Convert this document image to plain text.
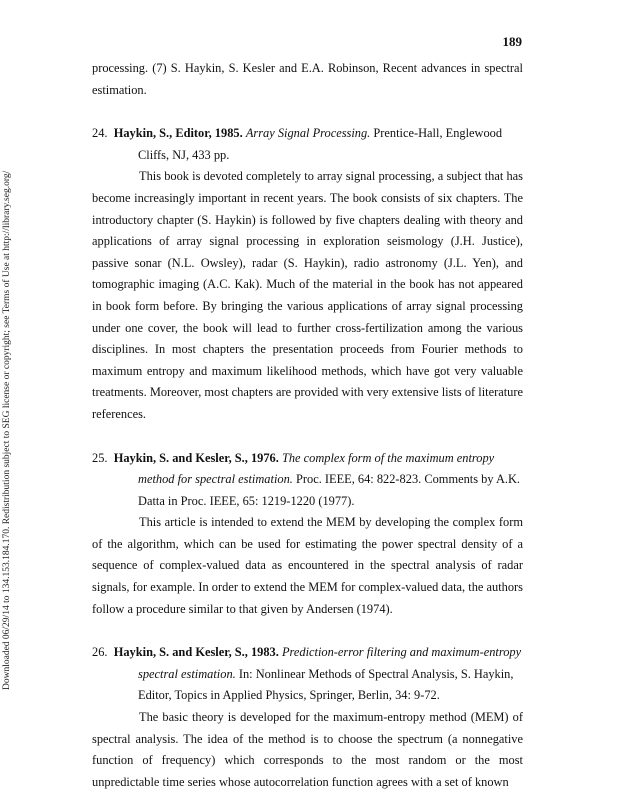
Downloaded 06/29/14 to 134.153.184.170. Redistribution subject to SEG license or copyright; see Terms of Use at http://library.seg.org/
189

processing. (7) S. Haykin, S. Kesler and E.A. Robinson, Recent advances in spectral estimation.

24. Haykin, S., Editor, 1985. Array Signal Processing. Prentice-Hall, Englewood Cliffs, NJ, 433 pp.

This book is devoted completely to array signal processing, a subject that has become increasingly important in recent years. The book consists of six chapters. The introductory chapter (S. Haykin) is followed by five chapters dealing with theory and applications of array signal processing in exploration seismology (J.H. Justice), passive sonar (N.L. Owsley), radar (S. Haykin), radio astronomy (J.L. Yen), and tomographic imaging (A.C. Kak). Much of the material in the book has not appeared in book form before. By bringing the various applications of array signal processing under one cover, the book will lead to further cross-fertilization among the various disciplines. In most chapters the presentation proceeds from Fourier methods to maximum entropy and maximum likelihood methods, which have got very valuable treatments. Moreover, most chapters are provided with very extensive lists of literature references.

25. Haykin, S. and Kesler, S., 1976. The complex form of the maximum entropy method for spectral estimation. Proc. IEEE, 64: 822-823. Comments by A.K. Datta in Proc. IEEE, 65: 1219-1220 (1977).

This article is intended to extend the MEM by developing the complex form of the algorithm, which can be used for estimating the power spectral density of a sequence of complex-valued data as encountered in the spectral analysis of radar signals, for example. In order to extend the MEM for complex-valued data, the authors follow a procedure similar to that given by Andersen (1974).

26. Haykin, S. and Kesler, S., 1983. Prediction-error filtering and maximum-entropy spectral estimation. In: Nonlinear Methods of Spectral Analysis, S. Haykin, Editor, Topics in Applied Physics, Springer, Berlin, 34: 9-72.

The basic theory is developed for the maximum-entropy method (MEM) of spectral analysis. The idea of the method is to choose the spectrum (a nonnegative function of frequency) which corresponds to the most random or the most unpredictable time series whose autocorrelation function agrees with a set of known
